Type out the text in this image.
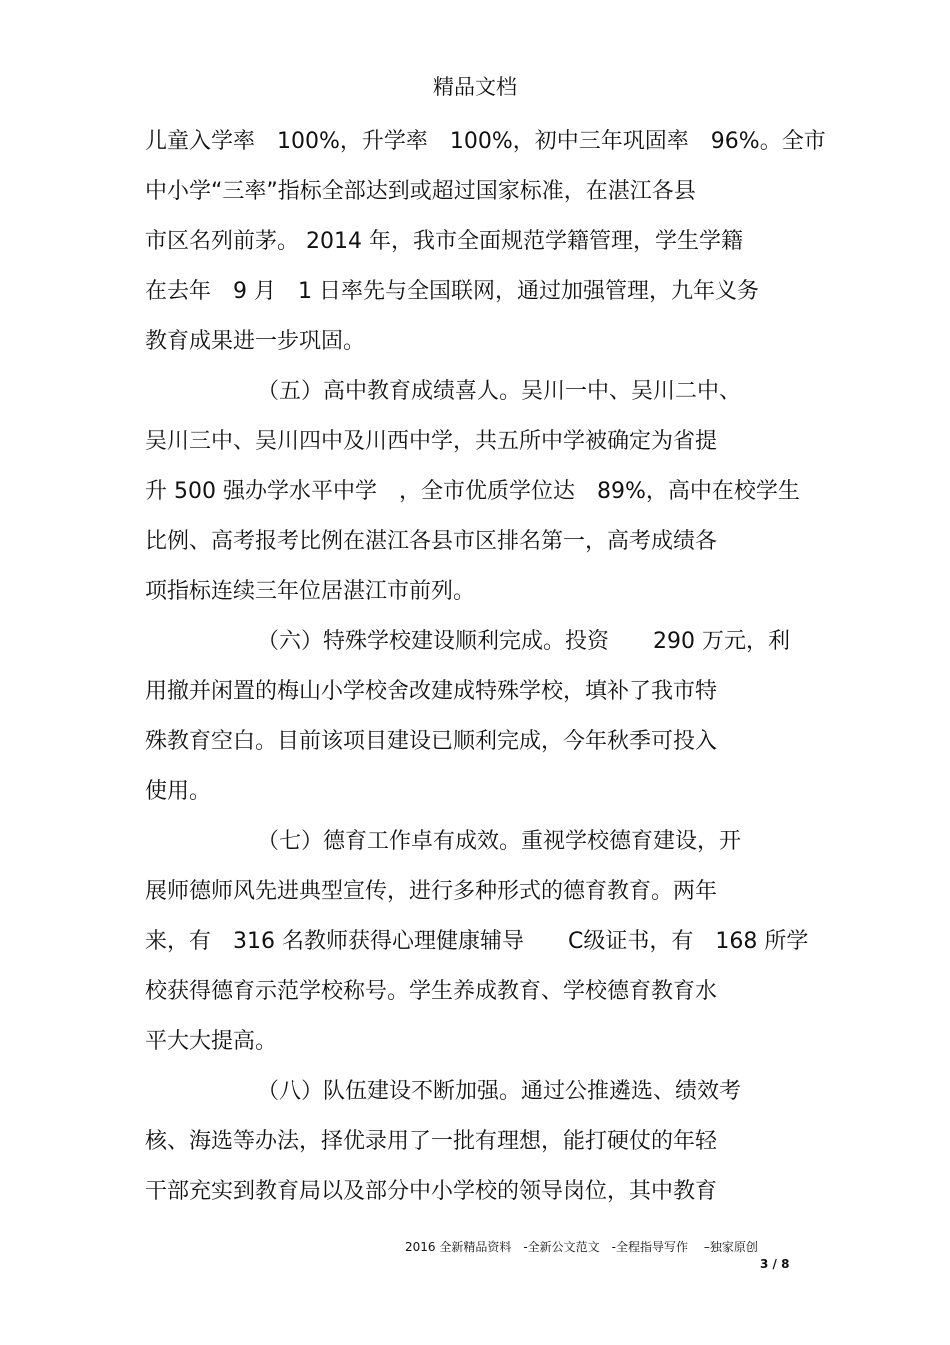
精品文档
儿童入学率　100%，升学率　100%，初中三年巩固率　96%。全市
中小学“三率”指标全部达到或超过国家标准，在湛江各县
市区名列前茅。 2014 年，我市全面规范学籍管理，学生学籍
在去年　9 月　1 日率先与全国联网，通过加强管理，九年义务
教育成果进一步巩固。
（五）高中教育成绩喜人。吴川一中、吴川二中、
吴川三中、吴川四中及川西中学，共五所中学被确定为省提
升 500 强办学水平中学　，全市优质学位达　89%，高中在校学生
比例、高考报考比例在湛江各县市区排名第一，高考成绩各
项指标连续三年位居湛江市前列。
（六）特殊学校建设顺利完成。投资　　290 万元，利
用撤并闲置的梅山小学校舍改建成特殊学校，填补了我市特
殊教育空白。目前该项目建设已顺利完成，今年秋季可投入
使用。
（七）德育工作卓有成效。重视学校德育建设，开
展师德师风先进典型宣传，进行多种形式的德育教育。两年
来，有　316 名教师获得心理健康辅导　　C级证书，有　168 所学
校获得德育示范学校称号。学生养成教育、学校德育教育水
平大大提高。
（八）队伍建设不断加强。通过公推遴选、绩效考
核、海选等办法，择优录用了一批有理想，能打硬仗的年轻
干部充实到教育局以及部分中小学校的领导岗位，其中教育
2016 全新精品资料　-全新公文范文　-全程指导写作　 –独家原创
3 / 8
